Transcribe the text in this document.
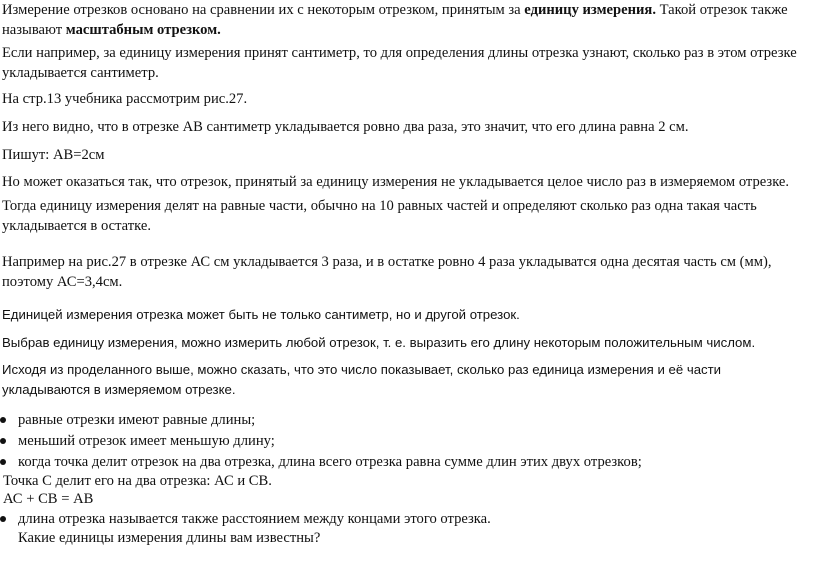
Измерение отрезков основано на сравнении их с некоторым отрезком, принятым за единицу измерения. Такой отрезок также называют масштабным отрезком.

Если например, за единицу измерения принят сантиметр, то для определения длины отрезка узнают, сколько раз в этом отрезке укладывается сантиметр.

На стр.13 учебника рассмотрим рис.27.

Из него видно, что в отрезке AB сантиметр укладывается ровно два раза, это значит, что его длина равна 2 см.

Пишут: АВ=2см

Но может оказаться так, что отрезок, принятый за единицу измерения не укладывается целое число раз в измеряемом отрезке.

Тогда единицу измерения делят на равные части, обычно на 10 равных частей и определяют сколько раз одна такая часть укладывается в остатке.

Например на рис.27 в отрезке АС см укладывается 3 раза, и в остатке ровно 4 раза укладыватся одна десятая часть см (мм), поэтому АС=3,4см.

Единицей измерения отрезка может быть не только сантиметр, но и другой отрезок.

Выбрав единицу измерения, можно измерить любой отрезок, т. е. выразить его длину некоторым положительным числом.

Исходя из проделанного выше, можно сказать, что это число показывает, сколько раз единица измерения и её части укладываются в измеряемом отрезке.

равные отрезки имеют равные длины;
меньший отрезок имеет меньшую длину;
когда точка делит отрезок на два отрезка, длина всего отрезка равна сумме длин этих двух отрезков;

Точка С делит его на два отрезка: АС и СВ.

АС + СВ = АВ

длина отрезка называется также расстоянием между концами этого отрезка.

Какие единицы измерения длины вам известны?
